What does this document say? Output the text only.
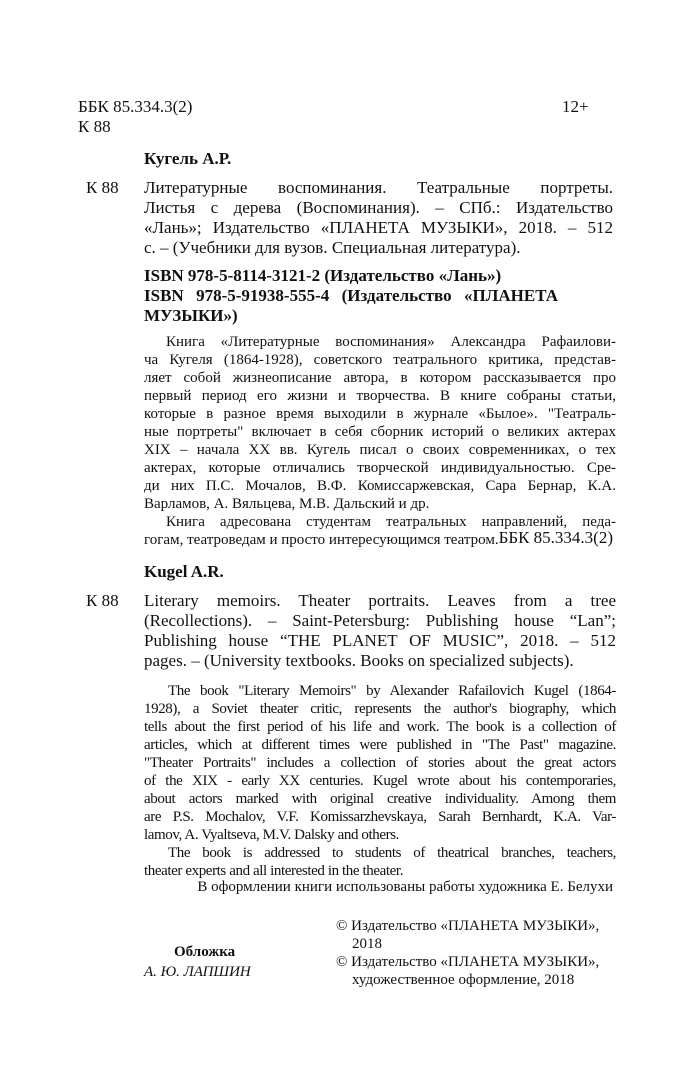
ББК 85.334.3(2)	12+
К 88
Кугель А.Р.
К 88 Литературные воспоминания. Театральные портреты.
Листья с дерева (Воспоминания). – СПб.: Издательство
«Лань»; Издательство «ПЛАНЕТА МУЗЫКИ», 2018. – 512
с. – (Учебники для вузов. Специальная литература).
ISBN 978-5-8114-3121-2 (Издательство «Лань»)
ISBN 978-5-91938-555-4 (Издательство «ПЛАНЕТА
МУЗЫКИ»)
Книга «Литературные воспоминания» Александра Рафаилови-
ча Кугеля (1864-1928), советского театрального критика, представ-
ляет собой жизнеописание автора, в котором рассказывается про
первый период его жизни и творчества. В книге собраны статьи,
которые в разное время выходили в журнале «Былое». "Театраль-
ные портреты" включает в себя сборник историй о великих актерах
XIX – начала XX вв. Кугель писал о своих современниках, о тех
актерах, которые отличались творческой индивидуальностью. Сре-
ди них П.С. Мочалов, В.Ф. Комиссаржевская, Сара Бернар, К.А.
Варламов, А. Вяльцева, М.В. Дальский и др.
Книга адресована студентам театральных направлений, педа-
гогам, театроведам и просто интересующимся театром. ББК 85.334.3(2)
Kugel A.R.
К 88 Literary memoirs. Theater portraits. Leaves from a tree
(Recollections). – Saint-Petersburg: Publishing house “Lan”;
Publishing house “THE PLANET OF MUSIC”, 2018. – 512
pages. – (University textbooks. Books on specialized subjects).
The book "Literary Memoirs" by Alexander Rafailovich Kugel (1864-
1928), a Soviet theater critic, represents the author's biography, which
tells about the first period of his life and work. The book is a collection of
articles, which at different times were published in "The Past" magazine.
"Theater Portraits" includes a collection of stories about the great actors
of the XIX - early XX centuries. Kugel wrote about his contemporaries,
about actors marked with original creative individuality. Among them
are P.S. Mochalov, V.F. Komissarzhevskaya, Sarah Bernhardt, K.A. Var-
lamov, A. Vyaltseva, M.V. Dalsky and others.
The book is addressed to students of theatrical branches, teachers,
theater experts and all interested in the theater.
В оформлении книги использованы работы художника Е. Белухи
© Издательство «ПЛАНЕТА МУЗЫКИ»,
2018
© Издательство «ПЛАНЕТА МУЗЫКИ»,
художественное оформление, 2018
Обложка
А. Ю. ЛАПШИН
